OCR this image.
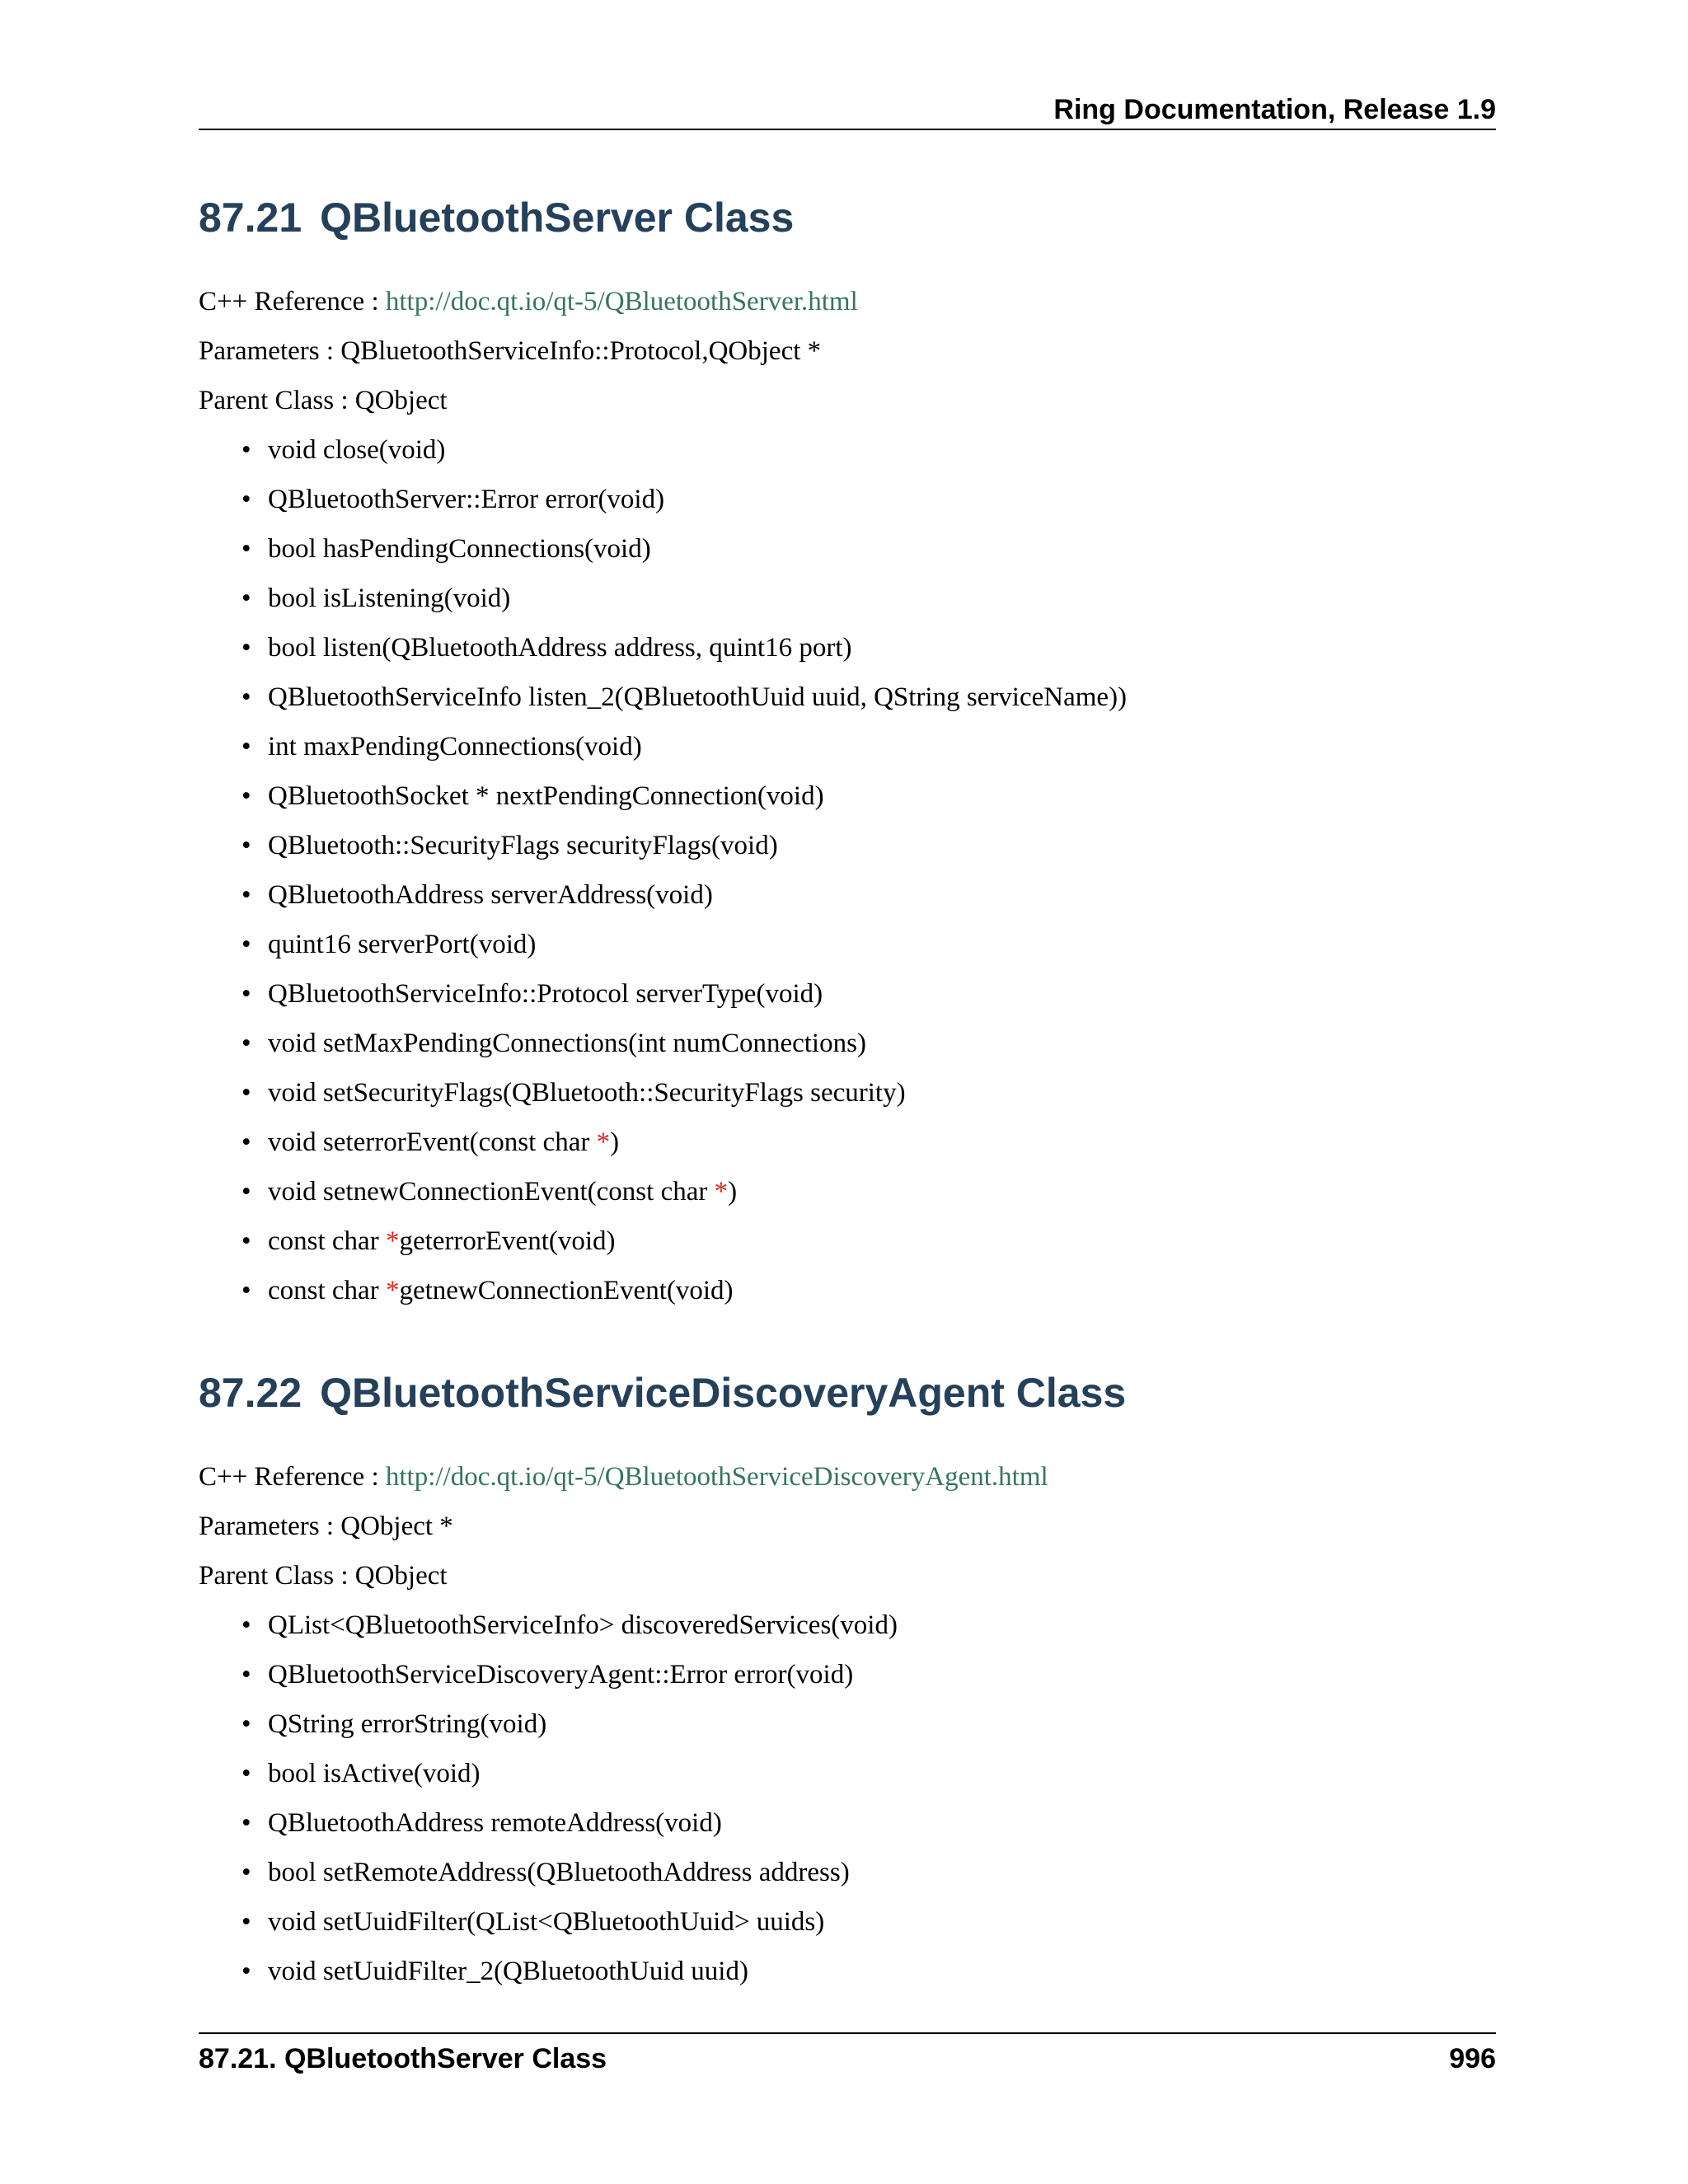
Ring Documentation, Release 1.9
87.21 QBluetoothServer Class
C++ Reference : http://doc.qt.io/qt-5/QBluetoothServer.html
Parameters : QBluetoothServiceInfo::Protocol,QObject *
Parent Class : QObject
• void close(void)
• QBluetoothServer::Error error(void)
• bool hasPendingConnections(void)
• bool isListening(void)
• bool listen(QBluetoothAddress address, quint16 port)
• QBluetoothServiceInfo listen_2(QBluetoothUuid uuid, QString serviceName))
• int maxPendingConnections(void)
• QBluetoothSocket * nextPendingConnection(void)
• QBluetooth::SecurityFlags securityFlags(void)
• QBluetoothAddress serverAddress(void)
• quint16 serverPort(void)
• QBluetoothServiceInfo::Protocol serverType(void)
• void setMaxPendingConnections(int numConnections)
• void setSecurityFlags(QBluetooth::SecurityFlags security)
• void seterrorEvent(const char *)
• void setnewConnectionEvent(const char *)
• const char *geterrorEvent(void)
• const char *getnewConnectionEvent(void)
87.22 QBluetoothServiceDiscoveryAgent Class
C++ Reference : http://doc.qt.io/qt-5/QBluetoothServiceDiscoveryAgent.html
Parameters : QObject *
Parent Class : QObject
• QList<QBluetoothServiceInfo> discoveredServices(void)
• QBluetoothServiceDiscoveryAgent::Error error(void)
• QString errorString(void)
• bool isActive(void)
• QBluetoothAddress remoteAddress(void)
• bool setRemoteAddress(QBluetoothAddress address)
• void setUuidFilter(QList<QBluetoothUuid> uuids)
• void setUuidFilter_2(QBluetoothUuid uuid)
87.21. QBluetoothServer Class	996
